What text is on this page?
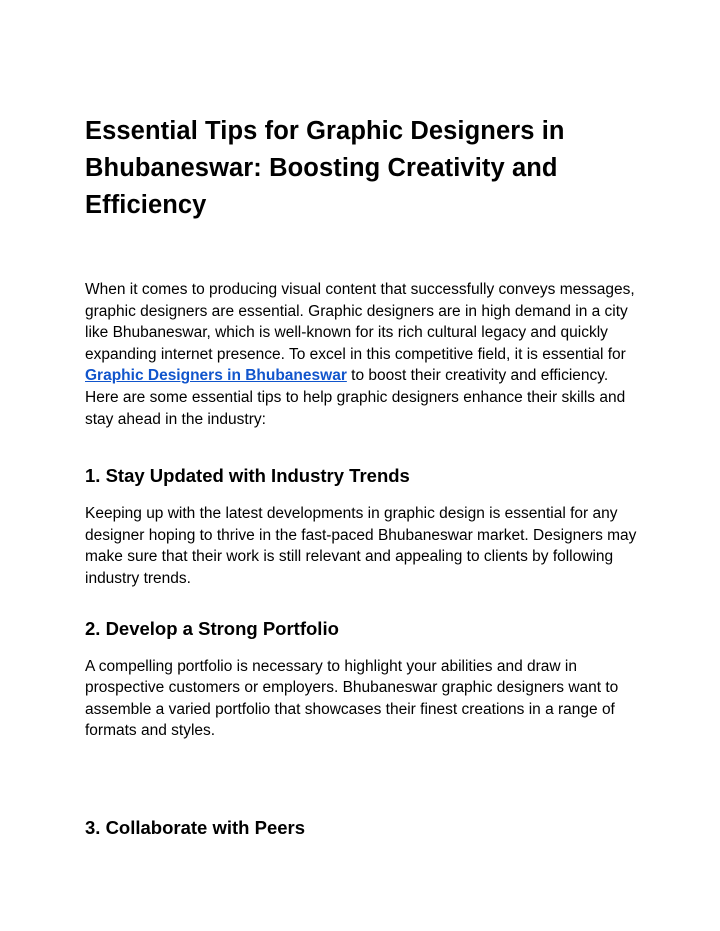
Essential Tips for Graphic Designers in Bhubaneswar: Boosting Creativity and Efficiency

When it comes to producing visual content that successfully conveys messages, graphic designers are essential. Graphic designers are in high demand in a city like Bhubaneswar, which is well-known for its rich cultural legacy and quickly expanding internet presence. To excel in this competitive field, it is essential for Graphic Designers in Bhubaneswar to boost their creativity and efficiency. Here are some essential tips to help graphic designers enhance their skills and stay ahead in the industry:

1. Stay Updated with Industry Trends

Keeping up with the latest developments in graphic design is essential for any designer hoping to thrive in the fast-paced Bhubaneswar market. Designers may make sure that their work is still relevant and appealing to clients by following industry trends.

2. Develop a Strong Portfolio

A compelling portfolio is necessary to highlight your abilities and draw in prospective customers or employers. Bhubaneswar graphic designers want to assemble a varied portfolio that showcases their finest creations in a range of formats and styles.

3. Collaborate with Peers
